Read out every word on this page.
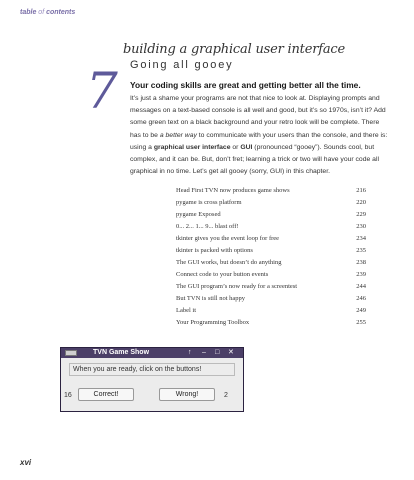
table of contents
7
building a graphical user interface
Going all gooey
Your coding skills are great and getting better all the time.
It’s just a shame your programs are not that nice to look at. Displaying prompts and messages on a text-based console is all well and good, but it’s so 1970s, isn’t it? Add some green text on a black background and your retro look will be complete. There has to be a better way to communicate with your users than the console, and there is: using a graphical user interface or GUI (pronounced “gooey”). Sounds cool, but complex, and it can be. But, don’t fret; learning a trick or two will have your code all graphical in no time. Let’s get all gooey (sorry, GUI) in this chapter.
Head First TVN now produces game shows	216
pygame is cross platform	220
pygame Exposed	229
0... 2... 1... 9... blast off!	230
tkinter gives you the event loop for free	234
tkinter is packed with options	235
The GUI works, but doesn’t do anything	238
Connect code to your button events	239
The GUI program’s now ready for a screentest	244
But TVN is still not happy	246
Label it	249
Your Programming Toolbox	255
TVN Game Show	↑ – □ ✕
When you are ready, click on the buttons!
16	Correct!	Wrong!	2
xvi
